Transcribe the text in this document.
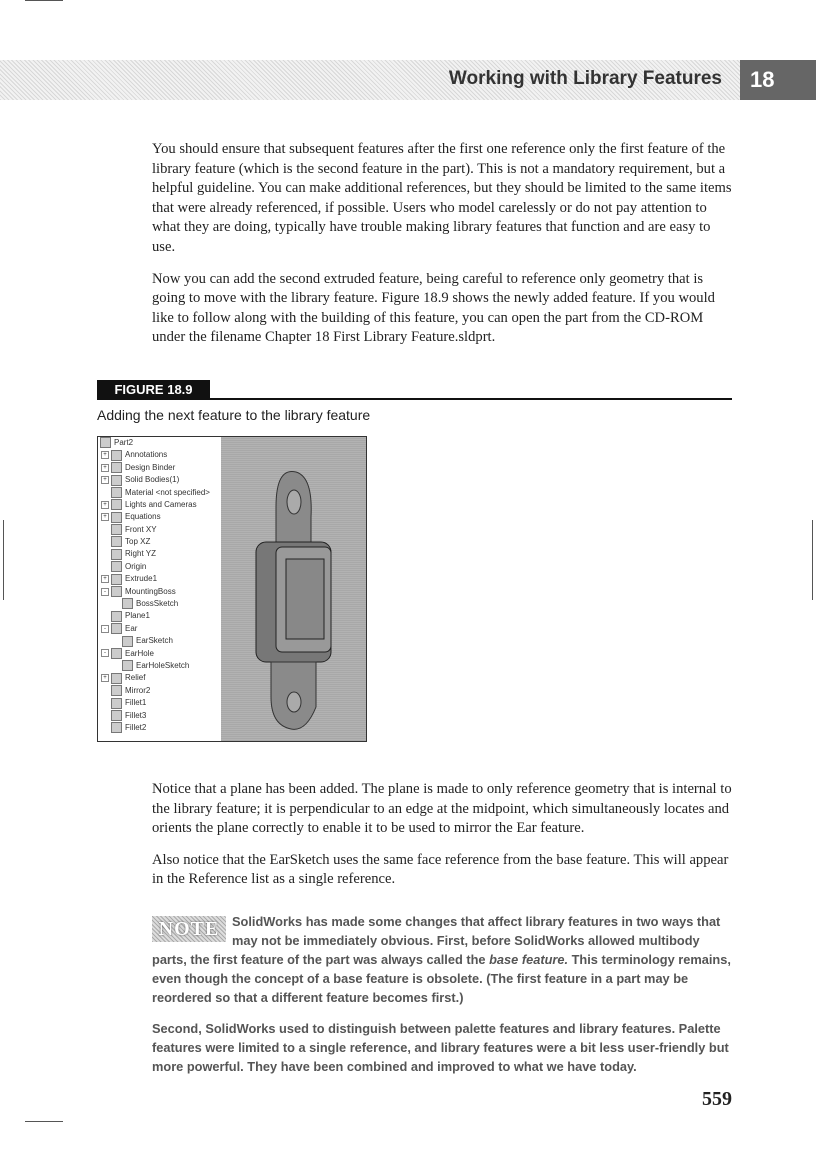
Working with Library Features	18

You should ensure that subsequent features after the first one reference only the first feature of the library feature (which is the second feature in the part). This is not a mandatory requirement, but a helpful guideline. You can make additional references, but they should be limited to the same items that were already referenced, if possible. Users who model carelessly or do not pay attention to what they are doing, typically have trouble making library features that function and are easy to use.

Now you can add the second extruded feature, being careful to reference only geometry that is going to move with the library feature. Figure 18.9 shows the newly added feature. If you would like to follow along with the building of this feature, you can open the part from the CD-ROM under the filename Chapter 18 First Library Feature.sldprt.

FIGURE 18.9
Adding the next feature to the library feature
Part2
+ Annotations
+ Design Binder
+ Solid Bodies(1)
Material <not specified>
+ Lights and Cameras
+ Equations
Front XY
Top XZ
Right YZ
Origin
+ Extrude1
- MountingBoss
BossSketch
Plane1
- Ear
EarSketch
- EarHole
EarHoleSketch
+ Relief
Mirror2
Fillet1
Fillet3
Fillet2

Notice that a plane has been added. The plane is made to only reference geometry that is internal to the library feature; it is perpendicular to an edge at the midpoint, which simultaneously locates and orients the plane correctly to enable it to be used to mirror the Ear feature.

Also notice that the EarSketch uses the same face reference from the base feature. This will appear in the Reference list as a single reference.

NOTE SolidWorks has made some changes that affect library features in two ways that may not be immediately obvious. First, before SolidWorks allowed multibody parts, the first feature of the part was always called the base feature. This terminology remains, even though the concept of a base feature is obsolete. (The first feature in a part may be reordered so that a different feature becomes first.)

Second, SolidWorks used to distinguish between palette features and library features. Palette features were limited to a single reference, and library features were a bit less user-friendly but more powerful. They have been combined and improved to what we have today.

559
